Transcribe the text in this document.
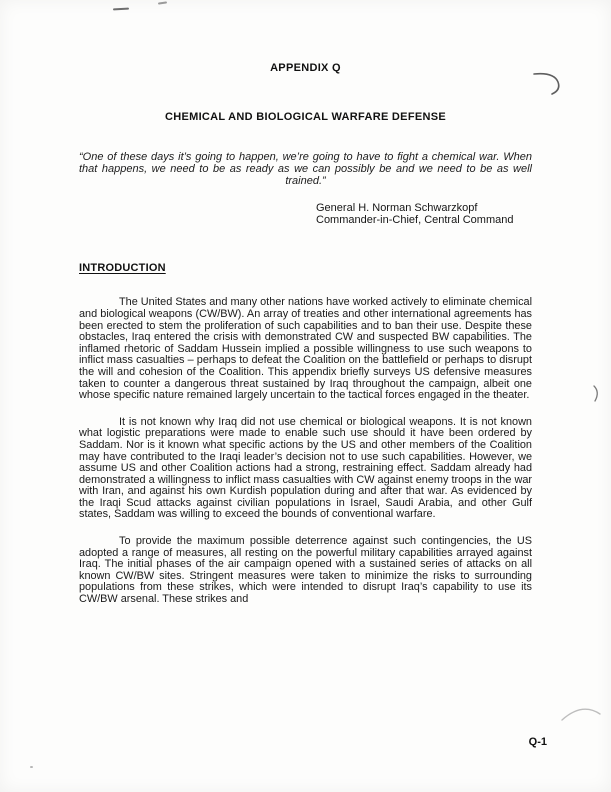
APPENDIX Q
CHEMICAL AND BIOLOGICAL WARFARE DEFENSE
“One of these days it’s going to happen, we’re going to have to fight a chemical war. When that happens, we need to be as ready as we can possibly be and we need to be as well trained.”
General H. Norman Schwarzkopf
Commander-in-Chief, Central Command
INTRODUCTION

The United States and many other nations have worked actively to eliminate chemical and biological weapons (CW/BW). An array of treaties and other international agreements has been erected to stem the proliferation of such capabilities and to ban their use. Despite these obstacles, Iraq entered the crisis with demonstrated CW and suspected BW capabilities. The inflamed rhetoric of Saddam Hussein implied a possible willingness to use such weapons to inflict mass casualties – perhaps to defeat the Coalition on the battlefield or perhaps to disrupt the will and cohesion of the Coalition. This appendix briefly surveys US defensive measures taken to counter a dangerous threat sustained by Iraq throughout the campaign, albeit one whose specific nature remained largely uncertain to the tactical forces engaged in the theater.

It is not known why Iraq did not use chemical or biological weapons. It is not known what logistic preparations were made to enable such use should it have been ordered by Saddam. Nor is it known what specific actions by the US and other members of the Coalition may have contributed to the Iraqi leader’s decision not to use such capabilities. However, we assume US and other Coalition actions had a strong, restraining effect. Saddam already had demonstrated a willingness to inflict mass casualties with CW against enemy troops in the war with Iran, and against his own Kurdish population during and after that war. As evidenced by the Iraqi Scud attacks against civilian populations in Israel, Saudi Arabia, and other Gulf states, Saddam was willing to exceed the bounds of conventional warfare.

To provide the maximum possible deterrence against such contingencies, the US adopted a range of measures, all resting on the powerful military capabilities arrayed against Iraq. The initial phases of the air campaign opened with a sustained series of attacks on all known CW/BW sites. Stringent measures were taken to minimize the risks to surrounding populations from these strikes, which were intended to disrupt Iraq’s capability to use its CW/BW arsenal. These strikes and

Q-1
